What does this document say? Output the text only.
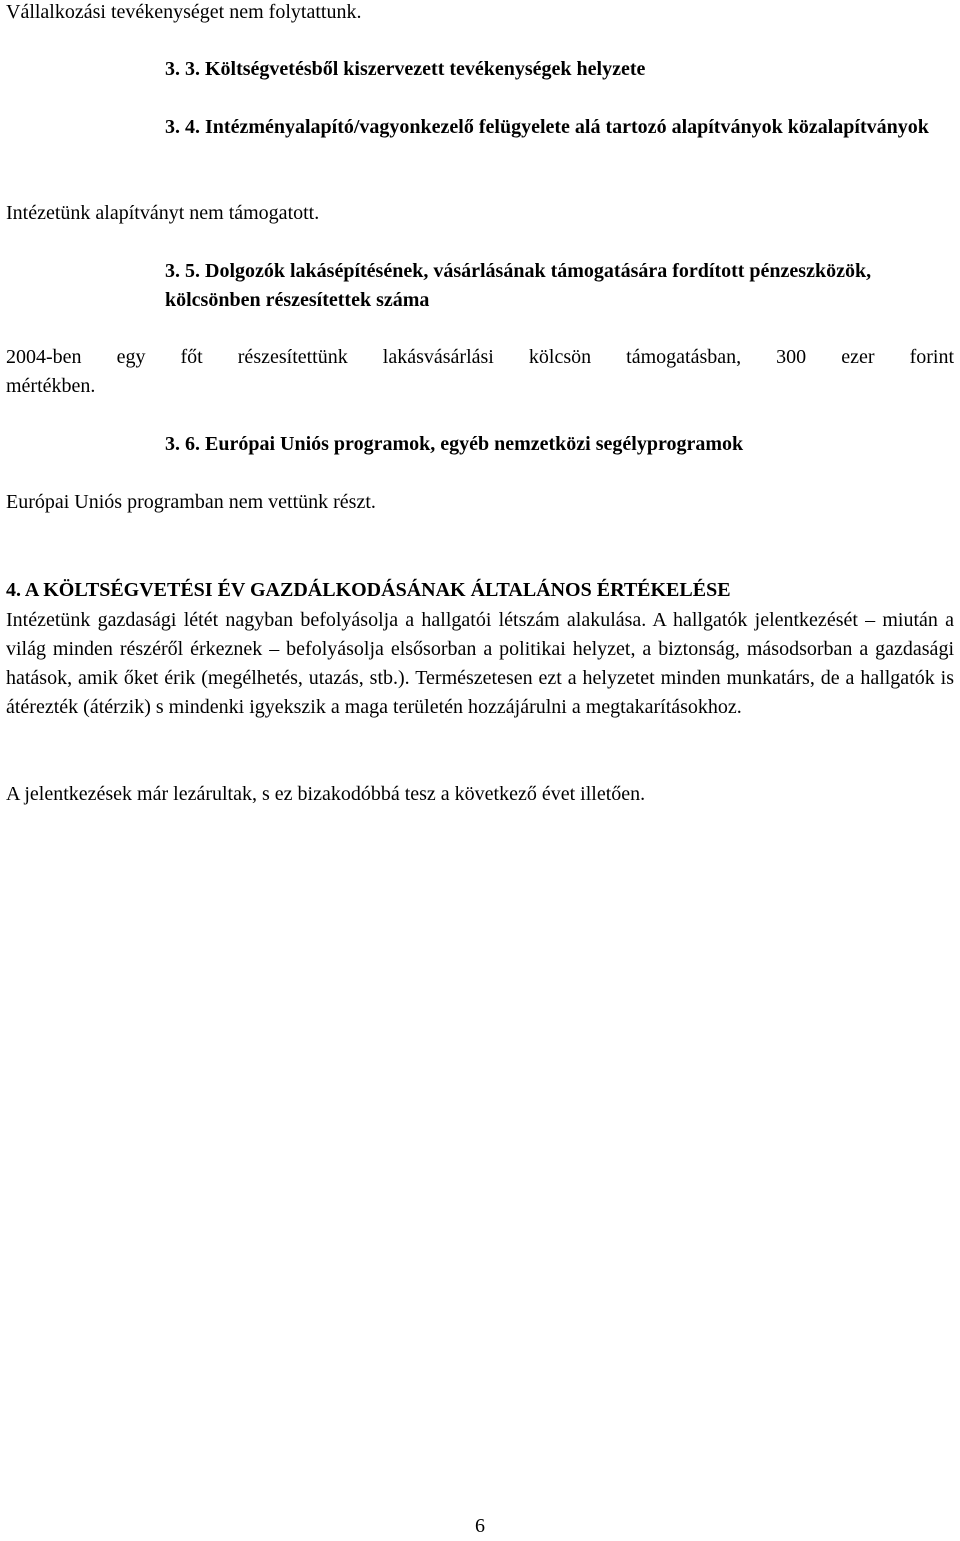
Vállalkozási tevékenységet nem folytattunk.

3. 3. Költségvetésből kiszervezett tevékenységek helyzete

3. 4. Intézményalapító/vagyonkezelő felügyelete alá tartozó alapítványok közalapítványok

Intézetünk alapítványt nem támogatott.

3. 5. Dolgozók lakásépítésének, vásárlásának támogatására fordított pénzeszközök, kölcsönben részesítettek száma

2004-ben egy főt részesítettünk lakásvásárlási kölcsön támogatásban, 300 ezer forint

mértékben.

3. 6. Európai Uniós programok, egyéb nemzetközi segélyprogramok

Európai Uniós programban nem vettünk részt.

4. A KÖLTSÉGVETÉSI ÉV GAZDÁLKODÁSÁNAK ÁLTALÁNOS ÉRTÉKELÉSE

Intézetünk gazdasági létét nagyban befolyásolja a hallgatói létszám alakulása. A hallgatók jelentkezését – miután a világ minden részéről érkeznek – befolyásolja elsősorban a politikai helyzet, a biztonság, másodsorban a gazdasági hatások, amik őket érik (megélhetés, utazás, stb.). Természetesen ezt a helyzetet minden munkatárs, de a hallgatók is átérezték (átérzik) s mindenki igyekszik a maga területén hozzájárulni a megtakarításokhoz.

A jelentkezések már lezárultak, s ez bizakodóbbá tesz a következő évet illetően.

6
